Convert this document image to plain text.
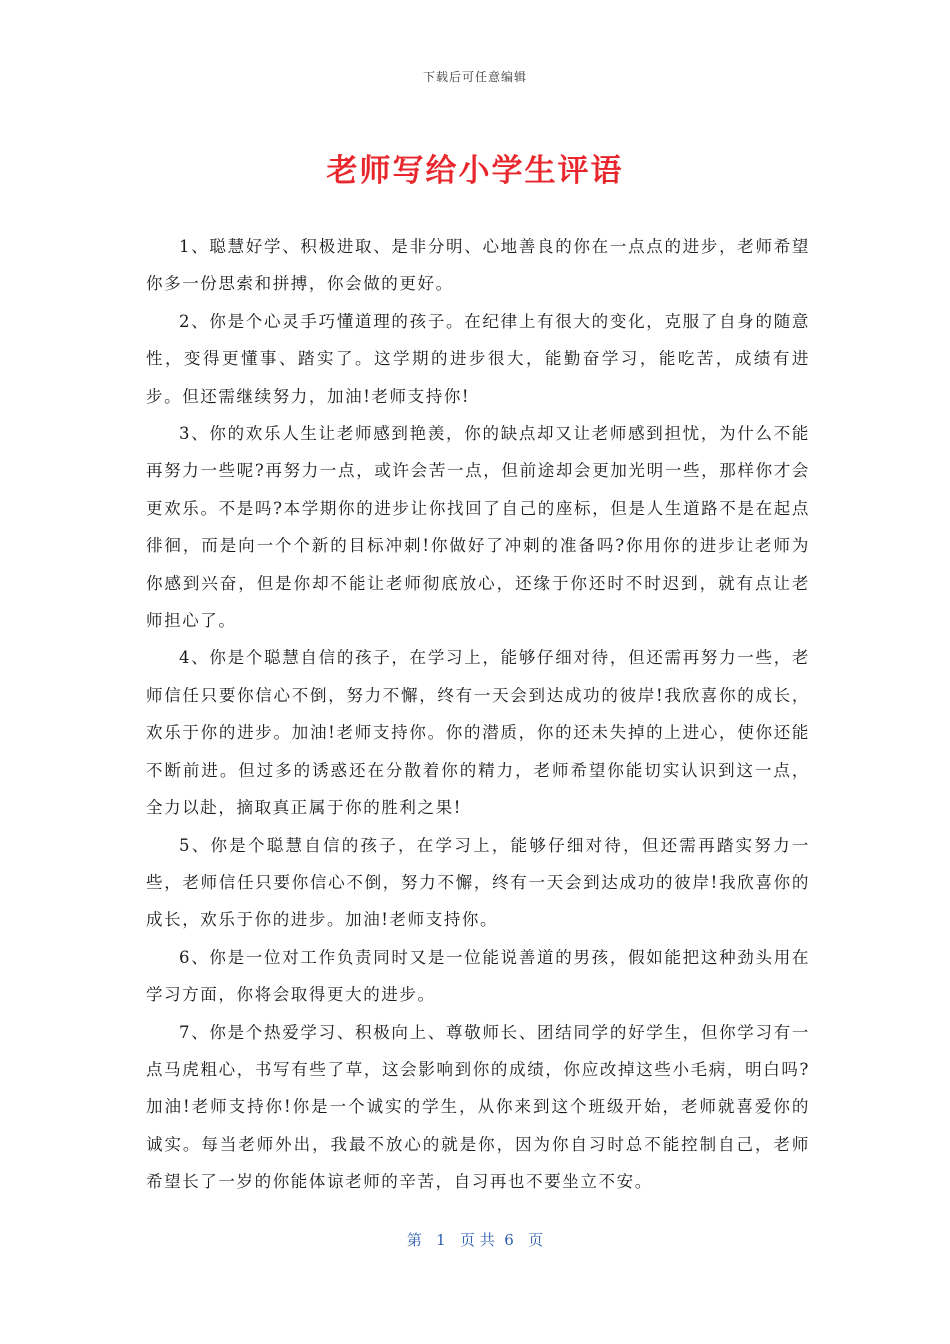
下载后可任意编辑
老师写给小学生评语

1、聪慧好学、积极进取、是非分明、心地善良的你在一点点的进步，老师希望你多一份思索和拼搏，你会做的更好。

2、你是个心灵手巧懂道理的孩子。在纪律上有很大的变化，克服了自身的随意性，变得更懂事、踏实了。这学期的进步很大，能勤奋学习，能吃苦，成绩有进步。但还需继续努力，加油!老师支持你!

3、你的欢乐人生让老师感到艳羡，你的缺点却又让老师感到担忧，为什么不能再努力一些呢?再努力一点，或许会苦一点，但前途却会更加光明一些，那样你才会更欢乐。不是吗?本学期你的进步让你找回了自己的座标，但是人生道路不是在起点徘徊，而是向一个个新的目标冲刺!你做好了冲刺的准备吗?你用你的进步让老师为你感到兴奋，但是你却不能让老师彻底放心，还缘于你还时不时迟到，就有点让老师担心了。

4、你是个聪慧自信的孩子，在学习上，能够仔细对待，但还需再努力一些，老师信任只要你信心不倒，努力不懈，终有一天会到达成功的彼岸!我欣喜你的成长，欢乐于你的进步。加油!老师支持你。你的潜质，你的还未失掉的上进心，使你还能不断前进。但过多的诱惑还在分散着你的精力，老师希望你能切实认识到这一点，全力以赴，摘取真正属于你的胜利之果!

5、你是个聪慧自信的孩子，在学习上，能够仔细对待，但还需再踏实努力一些，老师信任只要你信心不倒，努力不懈，终有一天会到达成功的彼岸!我欣喜你的成长，欢乐于你的进步。加油!老师支持你。

6、你是一位对工作负责同时又是一位能说善道的男孩，假如能把这种劲头用在学习方面，你将会取得更大的进步。

7、你是个热爱学习、积极向上、尊敬师长、团结同学的好学生，但你学习有一点马虎粗心，书写有些了草，这会影响到你的成绩，你应改掉这些小毛病，明白吗?加油!老师支持你!你是一个诚实的学生，从你来到这个班级开始，老师就喜爱你的诚实。每当老师外出，我最不放心的就是你，因为你自习时总不能控制自己，老师希望长了一岁的你能体谅老师的辛苦，自习再也不要坐立不安。

第   1   页 共  6   页
